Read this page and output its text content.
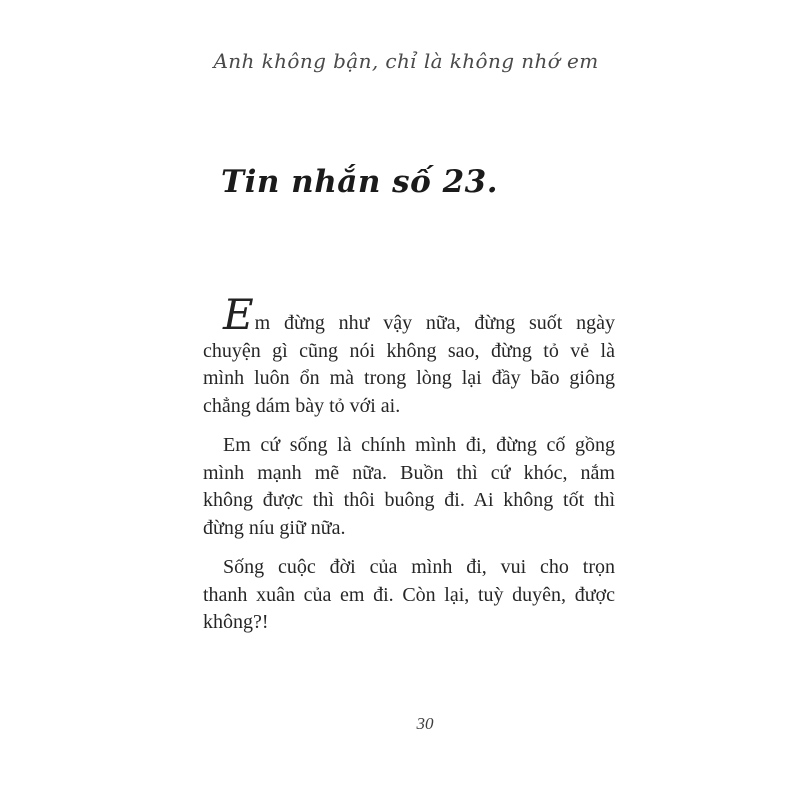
Anh không bận, chỉ là không nhớ em
Tin nhắn số 23.

Em đừng như vậy nữa, đừng suốt ngày
chuyện gì cũng nói không sao, đừng tỏ vẻ là
mình luôn ổn mà trong lòng lại đầy bão giông
chẳng dám bày tỏ với ai.

Em cứ sống là chính mình đi, đừng cố gồng
mình mạnh mẽ nữa. Buồn thì cứ khóc, nắm
không được thì thôi buông đi. Ai không tốt thì
đừng níu giữ nữa.

Sống cuộc đời của mình đi, vui cho trọn
thanh xuân của em đi. Còn lại, tuỳ duyên, được
không?!

30
